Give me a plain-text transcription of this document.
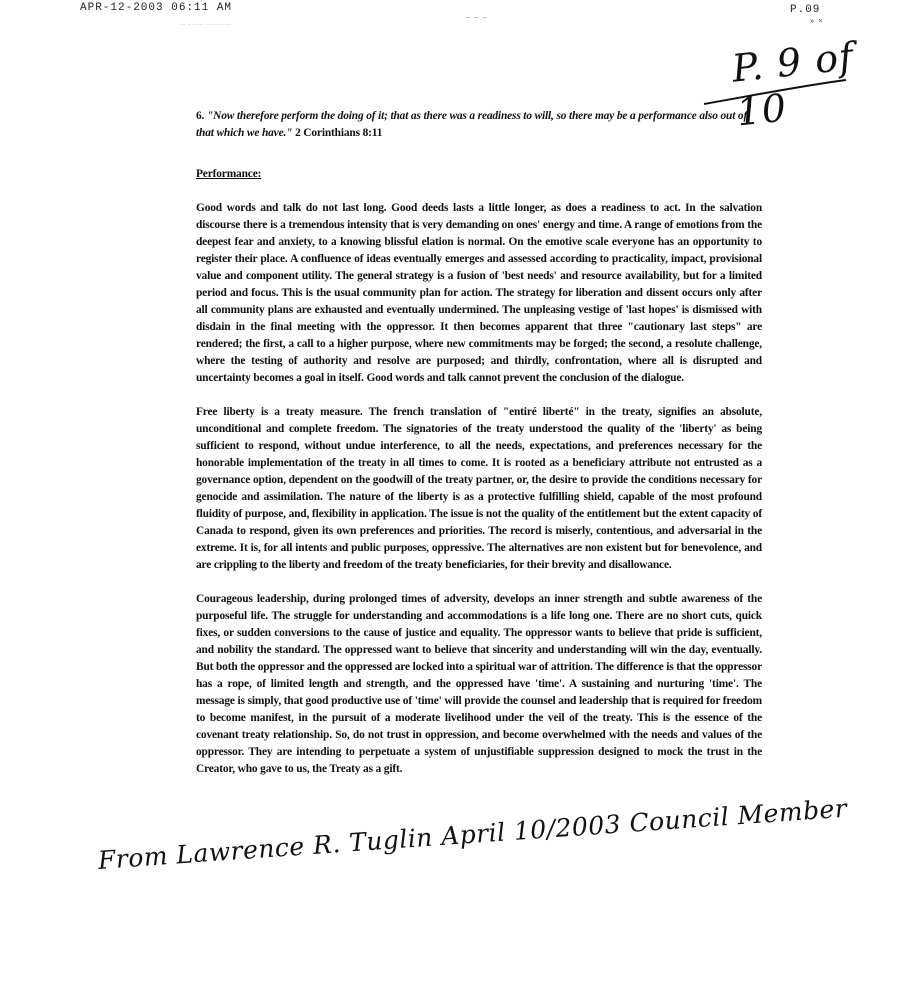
APR-12-2003 06:11 AM
⋯ ⋯⋯⋯ ⋯⋯⋯⋯⋯
– – –
P.09
» ×
P. 9 of 10

6. "Now therefore perform the doing of it; that as there was a readiness to will, so there may be a performance also out of that which we have." 2 Corinthians 8:11

Performance:

Good words and talk do not last long. Good deeds lasts a little longer, as does a readiness to act. In the salvation discourse there is a tremendous intensity that is very demanding on ones' energy and time. A range of emotions from the deepest fear and anxiety, to a knowing blissful elation is normal. On the emotive scale everyone has an opportunity to register their place. A confluence of ideas eventually emerges and assessed according to practicality, impact, provisional value and component utility. The general strategy is a fusion of 'best needs' and resource availability, but for a limited period and focus. This is the usual community plan for action. The strategy for liberation and dissent occurs only after all community plans are exhausted and eventually undermined. The unpleasing vestige of 'last hopes' is dismissed with disdain in the final meeting with the oppressor. It then becomes apparent that three "cautionary last steps" are rendered; the first, a call to a higher purpose, where new commitments may be forged; the second, a resolute challenge, where the testing of authority and resolve are purposed; and thirdly, confrontation, where all is disrupted and uncertainty becomes a goal in itself. Good words and talk cannot prevent the conclusion of the dialogue.

Free liberty is a treaty measure. The french translation of "entiré liberté" in the treaty, signifies an absolute, unconditional and complete freedom. The signatories of the treaty understood the quality of the 'liberty' as being sufficient to respond, without undue interference, to all the needs, expectations, and preferences necessary for the honorable implementation of the treaty in all times to come. It is rooted as a beneficiary attribute not entrusted as a governance option, dependent on the goodwill of the treaty partner, or, the desire to provide the conditions necessary for genocide and assimilation. The nature of the liberty is as a protective fulfilling shield, capable of the most profound fluidity of purpose, and, flexibility in application. The issue is not the quality of the entitlement but the extent capacity of Canada to respond, given its own preferences and priorities. The record is miserly, contentious, and adversarial in the extreme. It is, for all intents and public purposes, oppressive. The alternatives are non existent but for benevolence, and are crippling to the liberty and freedom of the treaty beneficiaries, for their brevity and disallowance.

Courageous leadership, during prolonged times of adversity, develops an inner strength and subtle awareness of the purposeful life. The struggle for understanding and accommodations is a life long one. There are no short cuts, quick fixes, or sudden conversions to the cause of justice and equality. The oppressor wants to believe that pride is sufficient, and nobility the standard. The oppressed want to believe that sincerity and understanding will win the day, eventually. But both the oppressor and the oppressed are locked into a spiritual war of attrition. The difference is that the oppressor has a rope, of limited length and strength, and the oppressed have 'time'. A sustaining and nurturing 'time'. The message is simply, that good productive use of 'time' will provide the counsel and leadership that is required for freedom to become manifest, in the pursuit of a moderate livelihood under the veil of the treaty. This is the essence of the covenant treaty relationship. So, do not trust in oppression, and become overwhelmed with the needs and values of the oppressor. They are intending to perpetuate a system of unjustifiable suppression designed to mock the trust in the Creator, who gave to us, the Treaty as a gift.

From Lawrence R. Tuglin April 10/2003 Council Member
